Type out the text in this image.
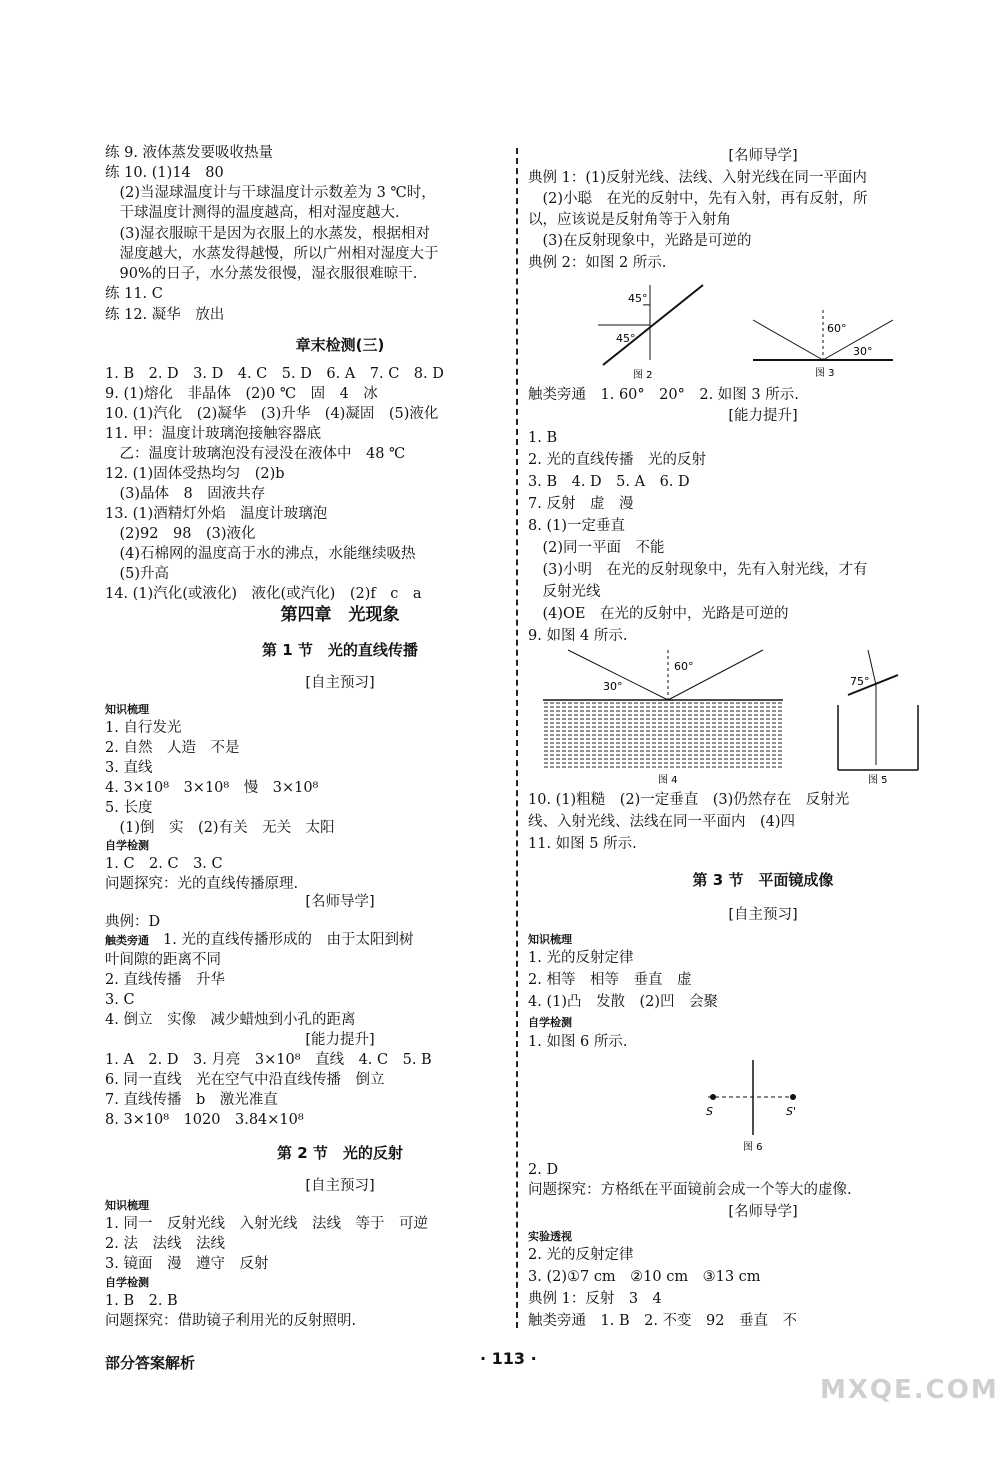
练 9. 液体蒸发要吸收热量
练 10. (1)14　80
　(2)当湿球温度计与干球温度计示数差为 3 ℃时，
　干球温度计测得的温度越高，相对湿度越大.
　(3)湿衣服晾干是因为衣服上的水蒸发，根据相对
　湿度越大，水蒸发得越慢，所以广州相对湿度大于
　90%的日子，水分蒸发很慢，湿衣服很难晾干.
练 11. C
练 12. 凝华　放出
章末检测(三)
1. B　2. D　3. D　4. C　5. D　6. A　7. C　8. D
9. (1)熔化　非晶体　(2)0 ℃　固　4　冰
10. (1)汽化　(2)凝华　(3)升华　(4)凝固　(5)液化
11. 甲：温度计玻璃泡接触容器底
　乙：温度计玻璃泡没有浸没在液体中　48 ℃
12. (1)固体受热均匀　(2)b
　(3)晶体　8　固液共存
13. (1)酒精灯外焰　温度计玻璃泡
　(2)92　98　(3)液化
　(4)石棉网的温度高于水的沸点，水能继续吸热
　(5)升高
14. (1)汽化(或液化)　液化(或汽化)　(2)f　c　a
第四章　光现象
第 1 节　光的直线传播
[自主预习]
知识梳理
1. 自行发光
2. 自然　人造　不是
3. 直线
4. 3×10⁸　3×10⁸　慢　3×10⁸
5. 长度
　(1)倒　实　(2)有关　无关　太阳
自学检测
1. C　2. C　3. C
问题探究：光的直线传播原理.
[名师导学]
典例：D
触类旁通 1. 光的直线传播形成的　由于太阳到树
叶间隙的距离不同
2. 直线传播　升华
3. C
4. 倒立　实像　减少蜡烛到小孔的距离
[能力提升]
1. A　2. D　3. 月亮　3×10⁸　直线　4. C　5. B
6. 同一直线　光在空气中沿直线传播　倒立
7. 直线传播　b　激光准直
8. 3×10⁸　1020　3.84×10⁸
第 2 节　光的反射
[自主预习]
知识梳理
1. 同一　反射光线　入射光线　法线　等于　可逆
2. 法　法线　法线
3. 镜面　漫　遵守　反射
自学检测
1. B　2. B
问题探究：借助镜子利用光的反射照明.
[名师导学]
典例 1：(1)反射光线、法线、入射光线在同一平面内
　(2)小聪　在光的反射中，先有入射，再有反射，所
以，应该说是反射角等于入射角
　(3)在反射现象中，光路是可逆的
典例 2：如图 2 所示.
45°
45°
图 2
60°
30°
图 3
触类旁通　1. 60°　20°　2. 如图 3 所示.
[能力提升]
1. B
2. 光的直线传播　光的反射
3. B　4. D　5. A　6. D
7. 反射　虚　漫
8. (1)一定垂直
　(2)同一平面　不能
　(3)小明　在光的反射现象中，先有入射光线，才有
　反射光线
　(4)OE　在光的反射中，光路是可逆的
9. 如图 4 所示.
60°
30°
图 4
75°
图 5
10. (1)粗糙　(2)一定垂直　(3)仍然存在　反射光
线、入射光线、法线在同一平面内　(4)四
11. 如图 5 所示.
第 3 节　平面镜成像
[自主预习]
知识梳理
1. 光的反射定律
2. 相等　相等　垂直　虚
4. (1)凸　发散　(2)凹　会聚
自学检测
1. 如图 6 所示.
S	S'
图 6
2. D
问题探究：方格纸在平面镜前会成一个等大的虚像.
[名师导学]
实验透视
2. 光的反射定律
3. (2)①7 cm　②10 cm　③13 cm
典例 1：反射　3　4
触类旁通　1. B　2. 不变　92　垂直　不
部分答案解析	· 113 ·
MXQE.COM
